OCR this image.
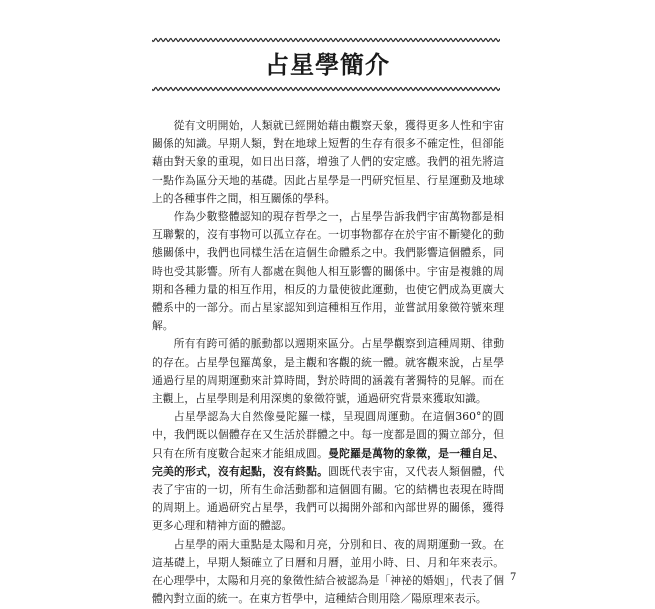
占星學簡介

從有文明開始，人類就已經開始藉由觀察天象，獲得更多人性和宇宙關係的知識。早期人類，對在地球上短暫的生存有很多不確定性，但卻能藉由對天象的重現，如日出日落，增強了人們的安定感。我們的祖先將這一點作為區分天地的基礎。因此占星學是一門研究恒星、行星運動及地球上的各種事件之間，相互關係的學科。

作為少數整體認知的現存哲學之一，占星學告訴我們宇宙萬物都是相互聯繫的，沒有事物可以孤立存在。一切事物都存在於宇宙不斷變化的動態關係中，我們也同樣生活在這個生命體系之中。我們影響這個體系，同時也受其影響。所有人都處在與他人相互影響的關係中。宇宙是複雜的周期和各種力量的相互作用，相反的力量使彼此運動，也使它們成為更廣大體系中的一部分。而占星家認知到這種相互作用，並嘗試用象徵符號來理解。

所有有跨可循的脈動都以週期來區分。占星學觀察到這種周期、律動的存在。占星學包羅萬象，是主觀和客觀的統一體。就客觀來說，占星學通過行星的周期運動來計算時間，對於時間的涵義有著獨特的見解。而在主觀上，占星學則是利用深奧的象徵符號，通過研究背景來獲取知識。

占星學認為大自然像曼陀羅一樣，呈現圓周運動。在這個360°的圓中，我們既以個體存在又生活於群體之中。每一度都是圓的獨立部分，但只有在所有度數合起來才能組成圓。曼陀羅是萬物的象徵，是一種自足、完美的形式，沒有起點，沒有終點。圓既代表宇宙，又代表人類個體，代表了宇宙的一切，所有生命活動都和這個圓有關。它的結構也表現在時間的周期上。通過研究占星學，我們可以揭開外部和內部世界的關係，獲得更多心理和精神方面的體認。

占星學的兩大重點是太陽和月亮，分別和日、夜的周期運動一致。在這基礎上，早期人類確立了日曆和月曆，並用小時、日、月和年來表示。在心理學中，太陽和月亮的象徵性結合被認為是「神祕的婚姻」，代表了個體內對立面的統一。在東方哲學中，這種結合則用陰／陽原理來表示。

7
